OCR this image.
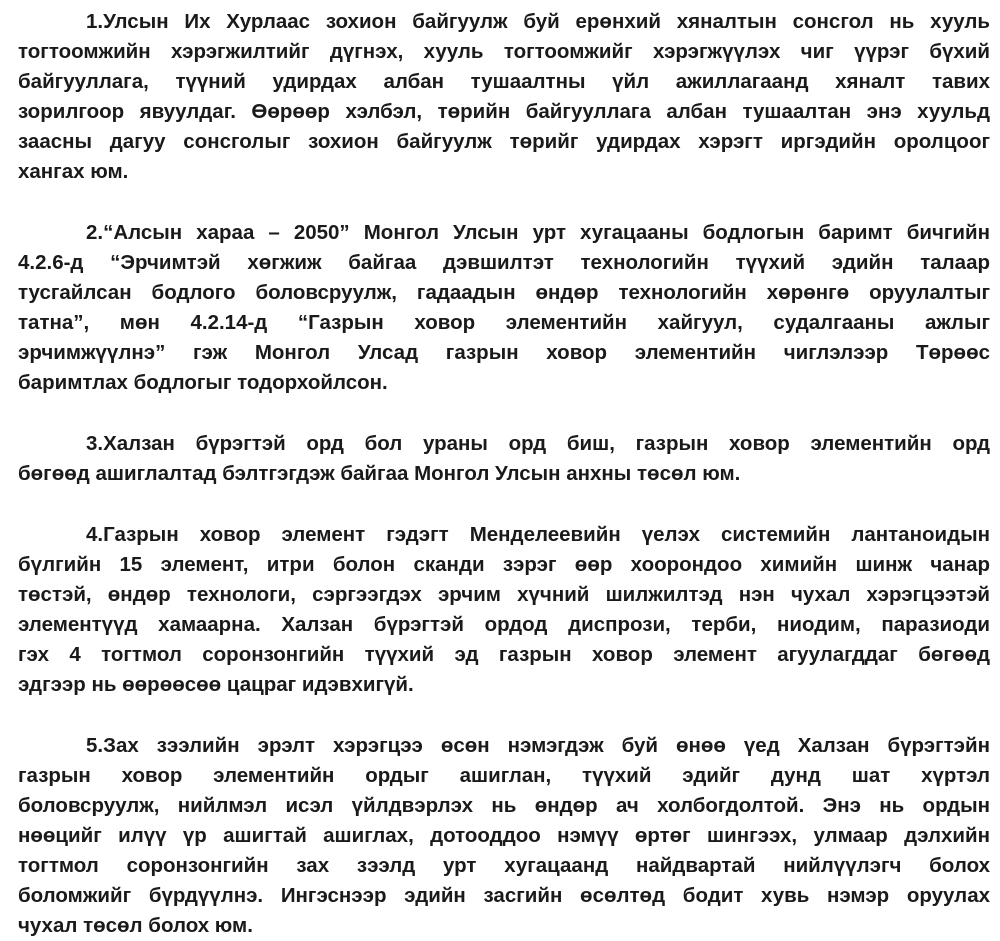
1.Улсын Их Хурлаас зохион байгуулж буй ерөнхий хяналтын сонсгол нь хууль
тогтоомжийн хэрэгжилтийг дүгнэх, хууль тогтоомжийг хэрэгжүүлэх чиг үүрэг бүхий
байгууллага, түүний удирдах албан тушаалтны үйл ажиллагаанд хяналт тавих
зорилгоор явуулдаг. Өөрөөр хэлбэл, төрийн байгууллага албан тушаалтан энэ хуульд
заасны дагуу сонсголыг зохион байгуулж төрийг удирдах хэрэгт иргэдийн оролцоог
хангах юм.
2.“Алсын хараа – 2050” Монгол Улсын урт хугацааны бодлогын баримт бичгийн
4.2.6-д “Эрчимтэй хөгжиж байгаа дэвшилтэт технологийн түүхий эдийн талаар
тусгайлсан бодлого боловсруулж, гадаадын өндөр технологийн хөрөнгө оруулалтыг
татна”, мөн 4.2.14-д “Газрын ховор элементийн хайгуул, судалгааны ажлыг
эрчимжүүлнэ” гэж Монгол Улсад газрын ховор элементийн чиглэлээр Төрөөс
баримтлах бодлогыг тодорхойлсон.
3.Халзан бүрэгтэй орд бол ураны орд биш, газрын ховор элементийн орд
бөгөөд ашиглалтад бэлтгэгдэж байгаа Монгол Улсын анхны төсөл юм.
4.Газрын ховор элемент гэдэгт Менделеевийн үелэх системийн лантаноидын
бүлгийн 15 элемент, итри болон сканди зэрэг өөр хоорондоо химийн шинж чанар
төстэй, өндөр технологи, сэргээгдэх эрчим хүчний шилжилтэд нэн чухал хэрэгцээтэй
элементүүд хамаарна. Халзан бүрэгтэй ордод диспрози, терби, ниодим, паразиоди
гэх 4 тогтмол соронзонгийн түүхий эд газрын ховор элемент агуулагддаг бөгөөд
эдгээр нь өөрөөсөө цацраг идэвхигүй.
5.Зах зээлийн эрэлт хэрэгцээ өсөн нэмэгдэж буй өнөө үед Халзан бүрэгтэйн
газрын ховор элементийн ордыг ашиглан, түүхий эдийг дунд шат хүртэл
боловсруулж, нийлмэл исэл үйлдвэрлэх нь өндөр ач холбогдолтой. Энэ нь ордын
нөөцийг илүү үр ашигтай ашиглах, дотооддоо нэмүү өртөг шингээх, улмаар дэлхийн
тогтмол соронзонгийн зах зээлд урт хугацаанд найдвартай нийлүүлэгч болох
боломжийг бүрдүүлнэ. Ингэснээр эдийн засгийн өсөлтөд бодит хувь нэмэр оруулах
чухал төсөл болох юм.
